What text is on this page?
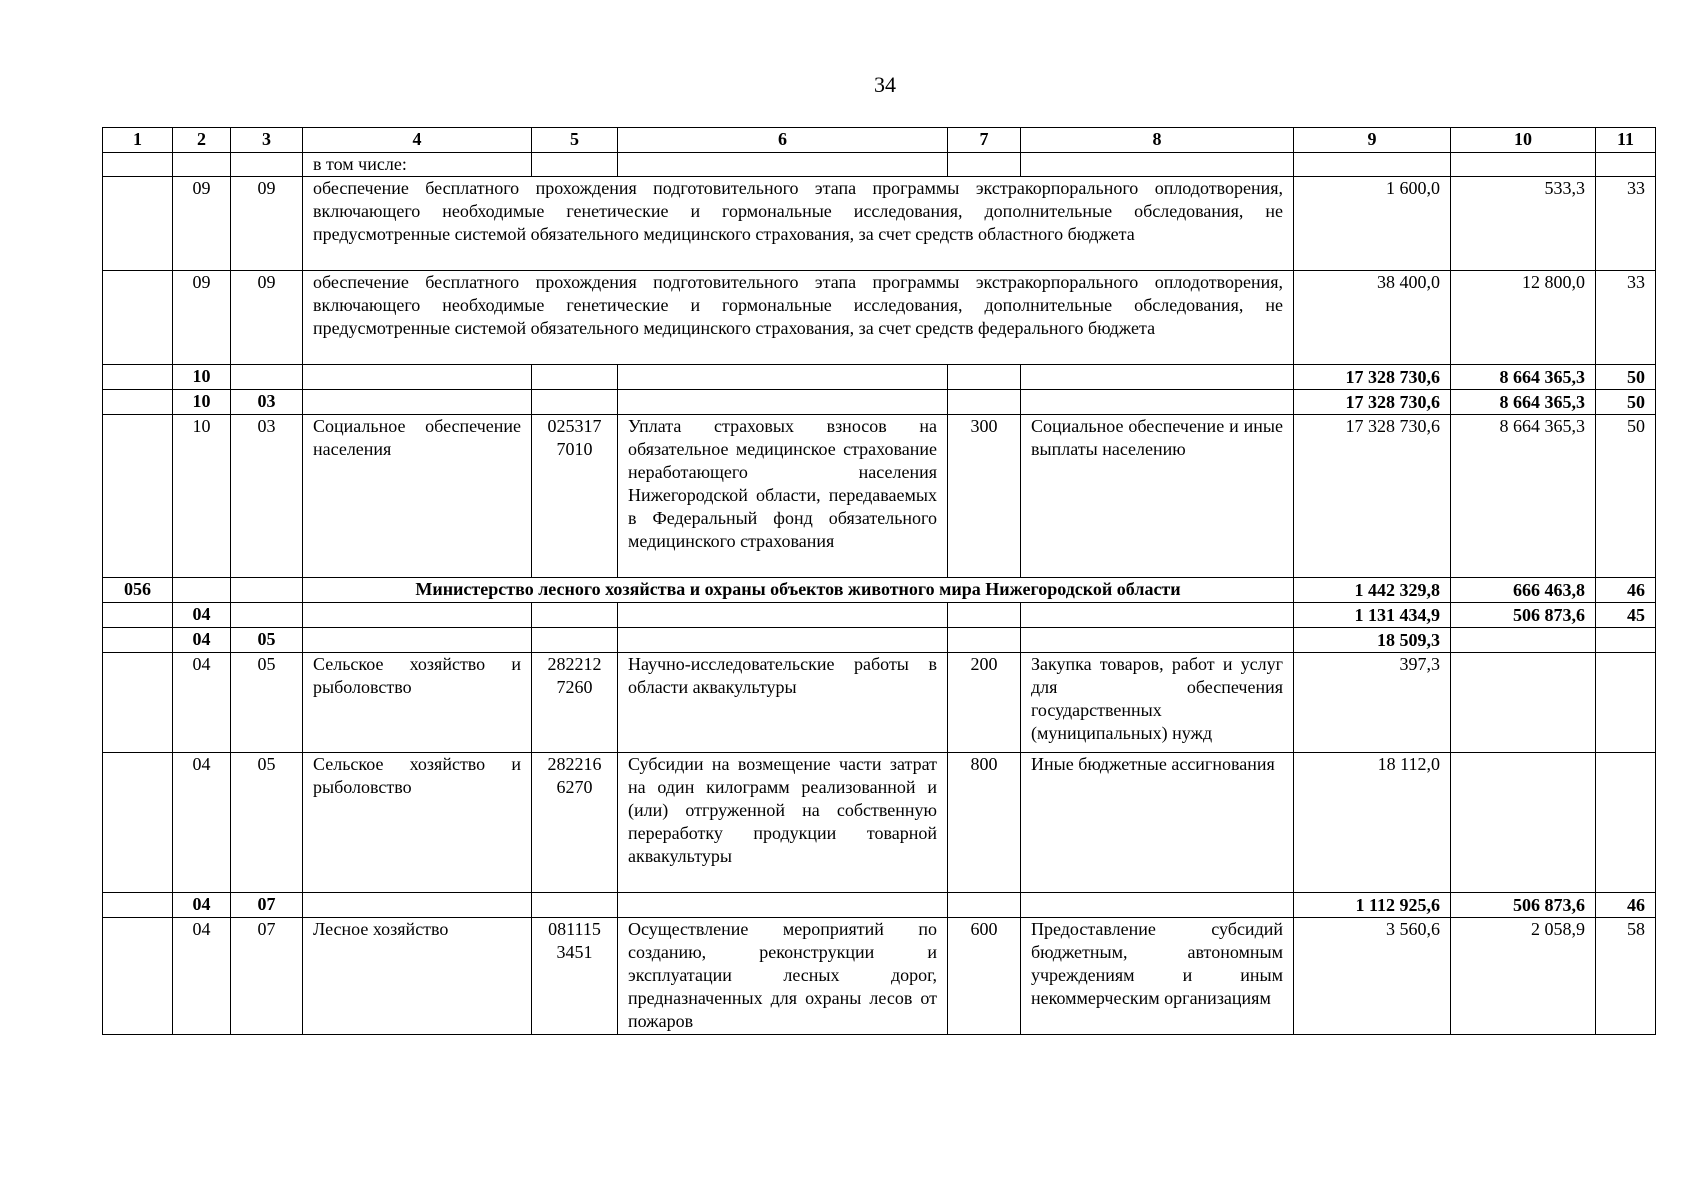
34
1	2	3	4	5	6	7	8	9	10	11
			в том числе:							
	09	09	обеспечение бесплатного прохождения подготовительного этапа программы экстракорпорального оплодотворения, включающего необходимые генетические и гормональные исследования, дополнительные обследования, не предусмотренные системой обязательного медицинского страхования, за счет средств областного бюджета					1 600,0	533,3	33
	09	09	обеспечение бесплатного прохождения подготовительного этапа программы экстракорпорального оплодотворения, включающего необходимые генетические и гормональные исследования, дополнительные обследования, не предусмотренные системой обязательного медицинского страхования, за счет средств федерального бюджета					38 400,0	12 800,0	33
	10							17 328 730,6	8 664 365,3	50
	10	03						17 328 730,6	8 664 365,3	50
	10	03	Социальное обеспечение населения	025317 7010	Уплата страховых взносов на обязательное медицинское страхование неработающего населения Нижегородской области, передаваемых в Федеральный фонд обязательного медицинского страхования	300	Социальное обеспечение и иные выплаты населению	17 328 730,6	8 664 365,3	50
056			Министерство лесного хозяйства и охраны объектов животного мира Нижегородской области					1 442 329,8	666 463,8	46
	04							1 131 434,9	506 873,6	45
	04	05						18 509,3		
	04	05	Сельское хозяйство и рыболовство	282212 7260	Научно-исследовательские работы в области аквакультуры	200	Закупка товаров, работ и услуг для обеспечения государственных (муниципальных) нужд	397,3		
	04	05	Сельское хозяйство и рыболовство	282216 6270	Субсидии на возмещение части затрат на один килограмм реализованной и (или) отгруженной на собственную переработку продукции товарной аквакультуры	800	Иные бюджетные ассигнования	18 112,0		
	04	07						1 112 925,6	506 873,6	46
	04	07	Лесное хозяйство	081115 3451	Осуществление мероприятий по созданию, реконструкции и эксплуатации лесных дорог, предназначенных для охраны лесов от пожаров	600	Предоставление субсидий бюджетным, автономным учреждениям и иным некоммерческим организациям	3 560,6	2 058,9	58
